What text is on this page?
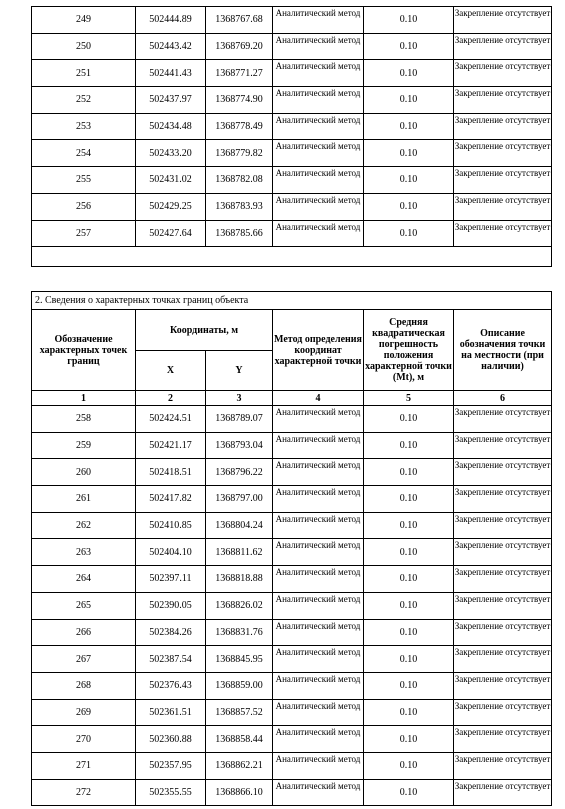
249	502444.89	1368767.68	Аналитический метод	0.10	Закрепление отсутствует
250	502443.42	1368769.20	Аналитический метод	0.10	Закрепление отсутствует
251	502441.43	1368771.27	Аналитический метод	0.10	Закрепление отсутствует
252	502437.97	1368774.90	Аналитический метод	0.10	Закрепление отсутствует
253	502434.48	1368778.49	Аналитический метод	0.10	Закрепление отсутствует
254	502433.20	1368779.82	Аналитический метод	0.10	Закрепление отсутствует
255	502431.02	1368782.08	Аналитический метод	0.10	Закрепление отсутствует
256	502429.25	1368783.93	Аналитический метод	0.10	Закрепление отсутствует
257	502427.64	1368785.66	Аналитический метод	0.10	Закрепление отсутствует

2. Сведения о характерных точках границ объекта					
Обозначение характерных точек границ	Координаты, м		Метод определения координат характерной точки	Средняя квадратическая погрешность положения характерной точки (Mt), м	Описание обозначения точки на местности (при наличии)
	X	Y			
1	2	3	4	5	6
258	502424.51	1368789.07	Аналитический метод	0.10	Закрепление отсутствует
259	502421.17	1368793.04	Аналитический метод	0.10	Закрепление отсутствует
260	502418.51	1368796.22	Аналитический метод	0.10	Закрепление отсутствует
261	502417.82	1368797.00	Аналитический метод	0.10	Закрепление отсутствует
262	502410.85	1368804.24	Аналитический метод	0.10	Закрепление отсутствует
263	502404.10	1368811.62	Аналитический метод	0.10	Закрепление отсутствует
264	502397.11	1368818.88	Аналитический метод	0.10	Закрепление отсутствует
265	502390.05	1368826.02	Аналитический метод	0.10	Закрепление отсутствует
266	502384.26	1368831.76	Аналитический метод	0.10	Закрепление отсутствует
267	502387.54	1368845.95	Аналитический метод	0.10	Закрепление отсутствует
268	502376.43	1368859.00	Аналитический метод	0.10	Закрепление отсутствует
269	502361.51	1368857.52	Аналитический метод	0.10	Закрепление отсутствует
270	502360.88	1368858.44	Аналитический метод	0.10	Закрепление отсутствует
271	502357.95	1368862.21	Аналитический метод	0.10	Закрепление отсутствует
272	502355.55	1368866.10	Аналитический метод	0.10	Закрепление отсутствует
